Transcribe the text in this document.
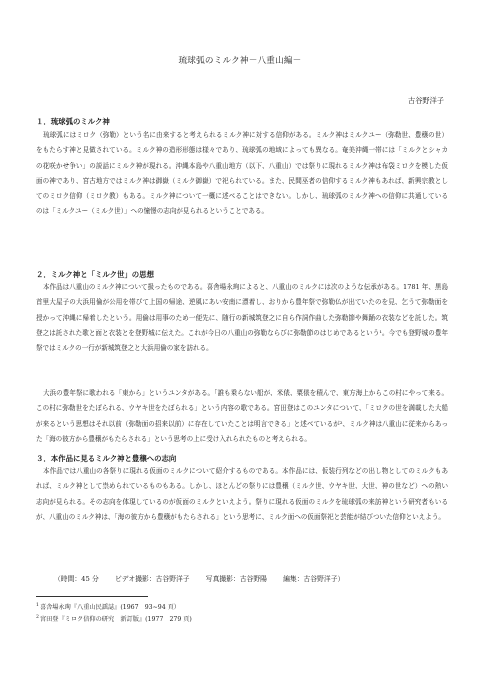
琉球弧のミルク神－八重山編－
古谷野洋子
１．琉球弧のミルク神

琉球弧にはミロク（弥勒）という名に由来すると考えられるミルク神に対する信仰がある。ミルク神はミルクユー（弥勒世、豊穣の世）をもたらす神と見做されている。ミルク神の造形形態は様々であり、琉球弧の地域によっても異なる。奄美沖縄一帯には「ミルクとシャカの花咲かせ争い」の説話にミルク神が現れる。沖縄本島や八重山地方（以下、八重山）では祭りに現れるミルク神は布袋ミロクを模した仮面の神であり、宮古地方ではミルク神は御嶽（ミルク御嶽）で祀られている。また、民間巫者の信仰するミルク神もあれば、新興宗教としてのミロク信仰（ミロク教）もある。ミルク神について一概に述べることはできない。しかし、琉球弧のミルク神への信仰に共通しているのは「ミルクユー（ミルク世）」への憧憬の志向が見られるということである。

２．ミルク神と「ミルク世」の思想

本作品は八重山のミルク神について扱ったものである。喜舎場永珣によると、八重山のミルクには次のような伝承がある。1781 年、黒島首里大屋子の大浜用倫が公用を帯びて上国の帰途、逆風にあい安南に漂着し、おりから豊年祭で弥勒仏が出ていたのを見、乞うて弥勒面を授かって沖縄に帰着したという。用倫は用事のため一便先に、随行の新城筑登之に自ら作詞作曲した弥勒節や舞踊の衣装などを託した。筑登之は託された歌と面と衣装とを登野城に伝えた。これが今日の八重山の弥勒ならびに弥勒節のはじめであるという¹。今でも登野城の豊年祭ではミルクの一行が新城筑登之と大浜用倫の家を訪れる。

大浜の豊年祭に歌われる「東から」というユンタがある。「誰も乗らない船が、米俵、粟俵を積んで、東方海上からこの村にやって来る。この村に弥勒世をたぼられる、ウヤキ世をたぼられる」という内容の歌である。宮田登はこのユンタについて、「ミロクの世を満載した大船が来るという思想はそれ以前（弥勒面の招来以前）に存在していたことは明言できる」と述べているが²、ミルク神は八重山に従来からあった「海の彼方から豊穣がもたらされる」という思考の上に受け入れられたものと考えられる。

３．本作品に見るミルク神と豊穣への志向

本作品では八重山の各祭りに現れる仮面のミルクについて紹介するものである。本作品には、仮装行列などの出し物としてのミルクもあれば、ミルク神として祟められているものもある。しかし、ほとんどの祭りには豊穣（ミルク世、ウヤキ世、大世、神の世など）への熱い志向が見られる。その志向を体現しているのが仮面のミルクといえよう。祭りに現れる仮面のミルクを琉球弧の来訪神という研究者もいるが、八重山のミルク神は、「海の彼方から豊穣がもたらされる」という思考に、ミルク面への仮面祭祀と芸能が結びついた信仰といえよう。

（時間：45 分 ビデオ撮影：古谷野洋子 写真撮影：古谷野陽 編集：古谷野洋子）
$^1$喜舎場永珣『八重山民謡誌』(1967　93~94 頁）
$^2$宮田登『ミロク信仰の研究　新訂版』(1977　279 頁)
